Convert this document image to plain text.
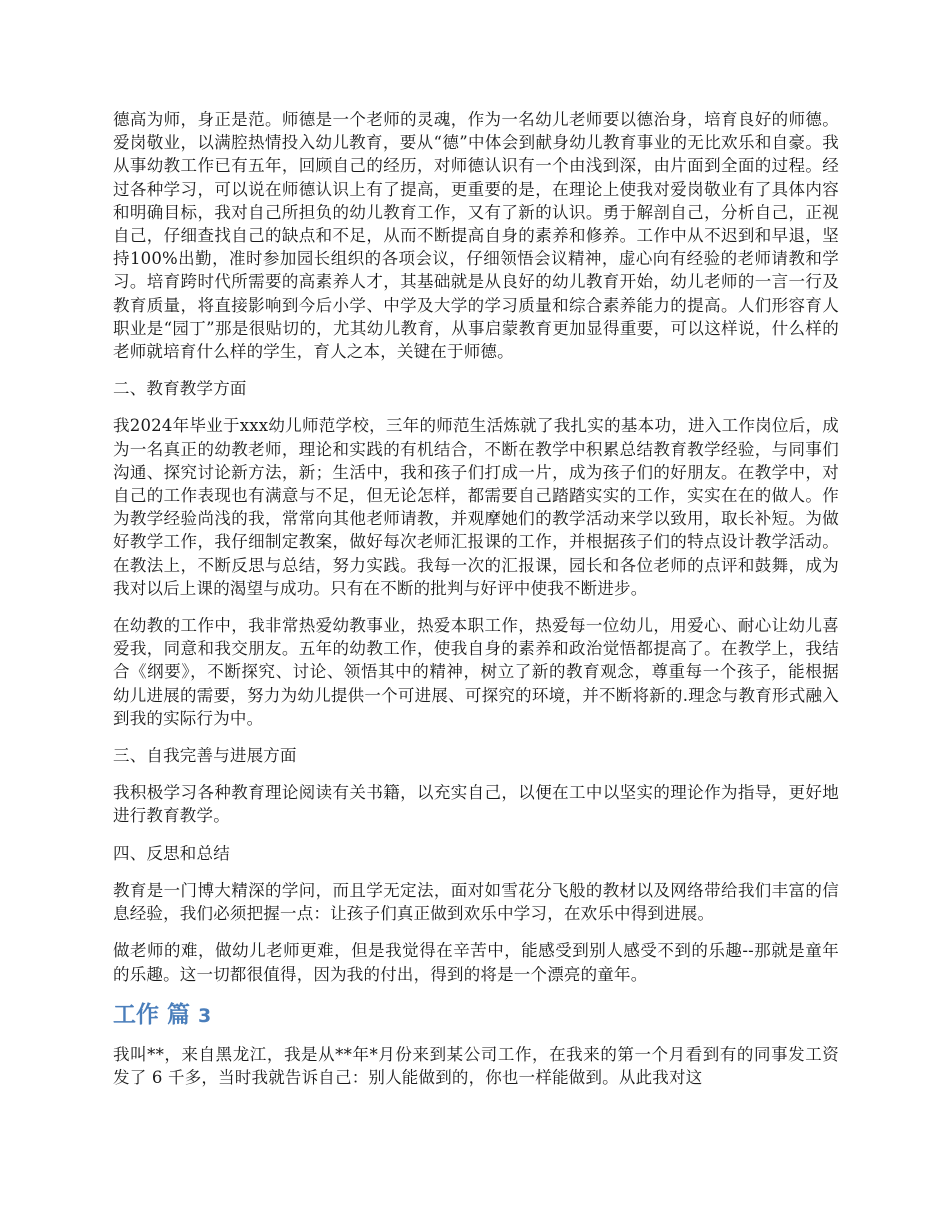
德高为师，身正是范。师德是一个老师的灵魂，作为一名幼儿老师要以德治身，培育良好的师德。爱岗敬业，以满腔热情投入幼儿教育，要从“德”中体会到献身幼儿教育事业的无比欢乐和自豪。我从事幼教工作已有五年，回顾自己的经历，对师德认识有一个由浅到深，由片面到全面的过程。经过各种学习，可以说在师德认识上有了提高，更重要的是，在理论上使我对爱岗敬业有了具体内容和明确目标，我对自己所担负的幼儿教育工作，又有了新的认识。勇于解剖自己，分析自己，正视自己，仔细查找自己的缺点和不足，从而不断提高自身的素养和修养。工作中从不迟到和早退，坚持100%出勤，准时参加园长组织的各项会议，仔细领悟会议精神，虚心向有经验的老师请教和学习。培育跨时代所需要的高素养人才，其基础就是从良好的幼儿教育开始，幼儿老师的一言一行及教育质量，将直接影响到今后小学、中学及大学的学习质量和综合素养能力的提高。人们形容育人职业是“园丁”那是很贴切的，尤其幼儿教育，从事启蒙教育更加显得重要，可以这样说，什么样的老师就培育什么样的学生，育人之本，关键在于师德。

二、教育教学方面

我2024年毕业于xxx幼儿师范学校，三年的师范生活炼就了我扎实的基本功，进入工作岗位后，成为一名真正的幼教老师，理论和实践的有机结合，不断在教学中积累总结教育教学经验，与同事们沟通、探究讨论新方法，新；生活中，我和孩子们打成一片，成为孩子们的好朋友。在教学中，对自己的工作表现也有满意与不足，但无论怎样，都需要自己踏踏实实的工作，实实在在的做人。作为教学经验尚浅的我，常常向其他老师请教，并观摩她们的教学活动来学以致用，取长补短。为做好教学工作，我仔细制定教案，做好每次老师汇报课的工作，并根据孩子们的特点设计教学活动。在教法上，不断反思与总结，努力实践。我每一次的汇报课，园长和各位老师的点评和鼓舞，成为我对以后上课的渴望与成功。只有在不断的批判与好评中使我不断进步。

在幼教的工作中，我非常热爱幼教事业，热爱本职工作，热爱每一位幼儿，用爱心、耐心让幼儿喜爱我，同意和我交朋友。五年的幼教工作，使我自身的素养和政治觉悟都提高了。在教学上，我结合《纲要》，不断探究、讨论、领悟其中的精神，树立了新的教育观念，尊重每一个孩子，能根据幼儿进展的需要，努力为幼儿提供一个可进展、可探究的环境，并不断将新的.理念与教育形式融入到我的实际行为中。

三、自我完善与进展方面

我积极学习各种教育理论阅读有关书籍，以充实自己，以便在工中以坚实的理论作为指导，更好地进行教育教学。

四、反思和总结

教育是一门博大精深的学问，而且学无定法，面对如雪花分飞般的教材以及网络带给我们丰富的信息经验，我们必须把握一点：让孩子们真正做到欢乐中学习，在欢乐中得到进展。

做老师的难，做幼儿老师更难，但是我觉得在辛苦中，能感受到别人感受不到的乐趣--那就是童年的乐趣。这一切都很值得，因为我的付出，得到的将是一个漂亮的童年。

工作 篇 3

我叫**，来自黑龙江，我是从**年*月份来到某公司工作，在我来的第一个月看到有的同事发工资发了 6 千多，当时我就告诉自己：别人能做到的，你也一样能做到。从此我对这
